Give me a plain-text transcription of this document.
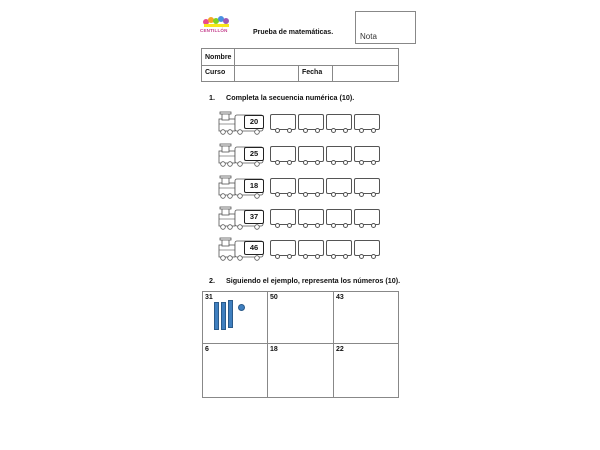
CENTILLÓN	Prueba de matemáticas.	Nota
Nombre
Curso	Fecha
1. Completa la secuencia numérica (10).
20
25
18
37
46
2. Siguiendo el ejemplo, representa los números (10).
31	50	43
6	18	22
